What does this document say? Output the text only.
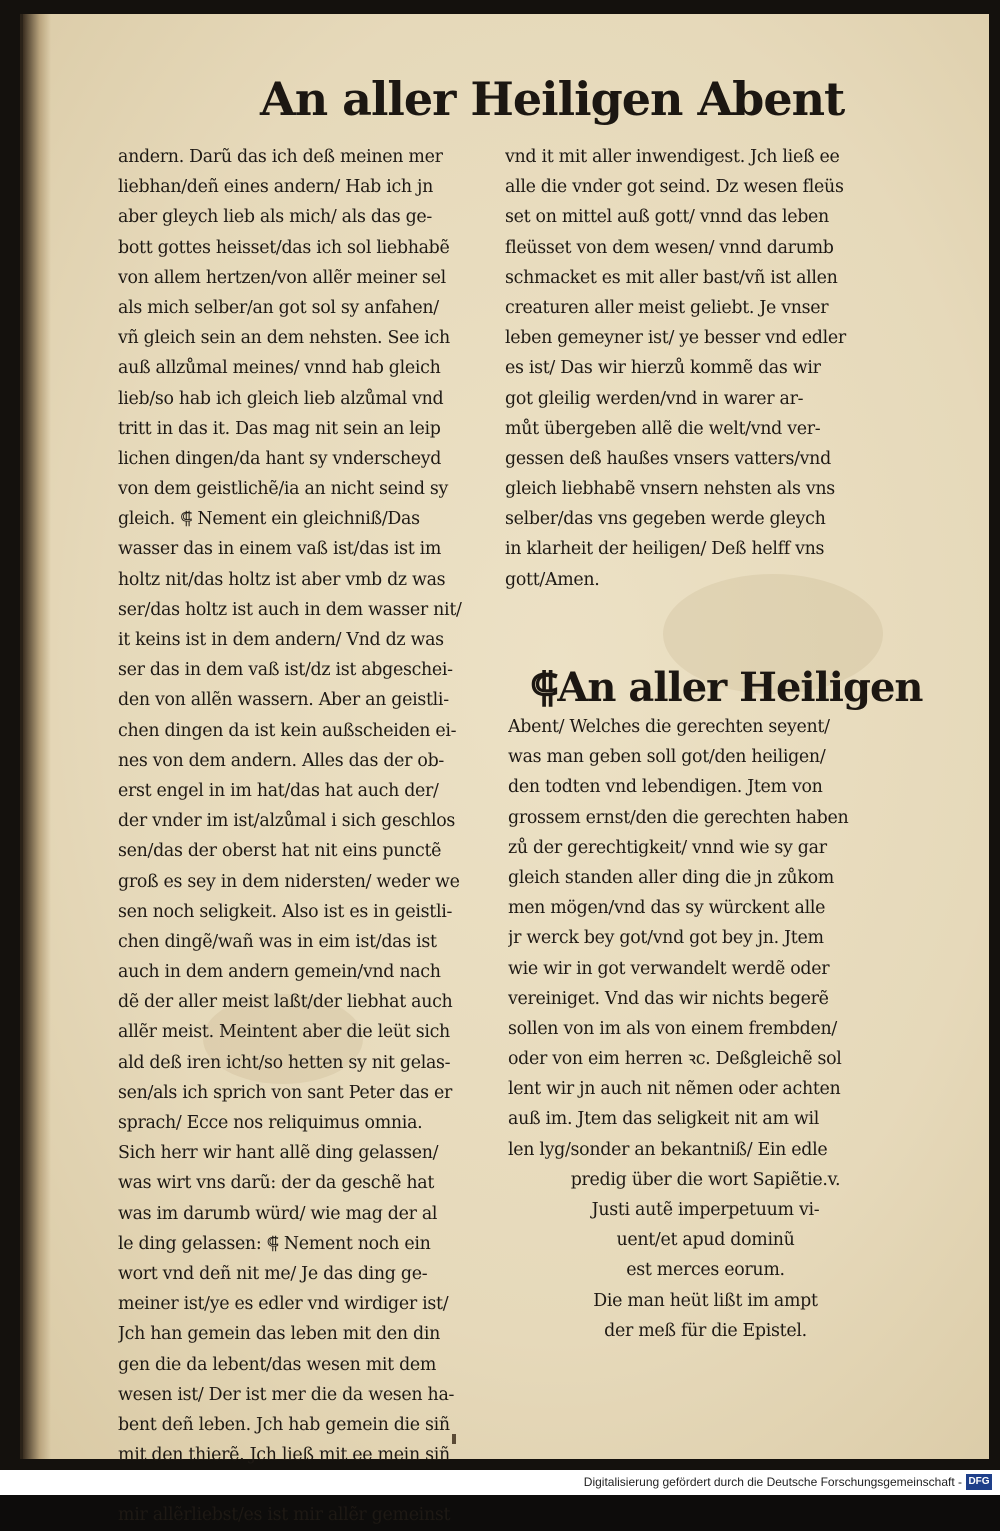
An aller Heiligen Abent
andern. Darũ das ich deß meinen mer
liebhan/deñ eines andern/ Hab ich jn
aber gleych lieb als mich/ als das ge-
bott gottes heisset/das ich sol liebhabẽ
von allem hertzen/von allẽr meiner sel
als mich selber/an got sol sy anfahen/
vñ gleich sein an dem nehsten. See ich
auß allzůmal meines/ vnnd hab gleich
lieb/so hab ich gleich lieb alzůmal vnd
tritt in das it. Das mag nit sein an leip
lichen dingen/da hant sy vnderscheyd
von dem geistlichẽ/ia an nicht seind sy
gleich. ⸿ Nement ein gleichniß/Das
wasser das in einem vaß ist/das ist im
holtz nit/das holtz ist aber vmb dz was
ser/das holtz ist auch in dem wasser nit/
it keins ist in dem andern/ Vnd dz was
ser das in dem vaß ist/dz ist abgeschei-
den von allẽn wassern. Aber an geistli-
chen dingen da ist kein außscheiden ei-
nes von dem andern. Alles das der ob-
erst engel in im hat/das hat auch der/
der vnder im ist/alzůmal i sich geschlos
sen/das der oberst hat nit eins punctẽ
groß es sey in dem nidersten/ weder we
sen noch seligkeit. Also ist es in geistli-
chen dingẽ/wañ was in eim ist/das ist
auch in dem andern gemein/vnd nach
dẽ der aller meist laßt/der liebhat auch
allẽr meist. Meintent aber die leüt sich
ald deß iren icht/so hetten sy nit gelas-
sen/als ich sprich von sant Peter das er
sprach/ Ecce nos reliquimus omnia.
Sich herr wir hant allẽ ding gelassen/
was wirt vns darũ: der da geschẽ hat
was im darumb würd/ wie mag der al
le ding gelassen: ⸿ Nement noch ein
wort vnd deñ nit me/ Je das ding ge-
meiner ist/ye es edler vnd wirdiger ist/
Jch han gemein das leben mit den din
gen die da lebent/das wesen mit dem
wesen ist/ Der ist mer die da wesen ha-
bent deñ leben. Jch hab gemein die siñ
mit den thierẽ. Jch ließ mit ee mein siñ
mir allẽrliebst/es ist mir allẽr gemeinst
vnd it mit aller inwendigest. Jch ließ ee
alle die vnder got seind. Dz wesen fleüs
set on mittel auß gott/ vnnd das leben
fleüsset von dem wesen/ vnnd darumb
schmacket es mit aller bast/vñ ist allen
creaturen aller meist geliebt. Je vnser
leben gemeyner ist/ ye besser vnd edler
es ist/ Das wir hierzů kommẽ das wir
got gleilig werden/vnd in warer ar-
můt übergeben allẽ die welt/vnd ver-
gessen deß haußes vnsers vatters/vnd
gleich liebhabẽ vnsern nehsten als vns
selber/das vns gegeben werde gleych
in klarheit der heiligen/ Deß helff vns
gott/Amen.
⸿An aller Heiligen
Abent/ Welches die gerechten seyent/
was man geben soll got/den heiligen/
den todten vnd lebendigen. Jtem von
grossem ernst/den die gerechten haben
zů der gerechtigkeit/ vnnd wie sy gar
gleich standen aller ding die jn zůkom
men mögen/vnd das sy würckent alle
jr werck bey got/vnd got bey jn. Jtem
wie wir in got verwandelt werdẽ oder
vereiniget. Vnd das wir nichts begerẽ
sollen von im als von einem frembden/
oder von eim herren ꝛc. Deßgleichẽ sol
lent wir jn auch nit nẽmen oder achten
auß im. Jtem das seligkeit nit am wil
len lyg/sonder an bekantniß/ Ein edle
predig über die wort Sapiẽtie.v.
Justi autẽ imperpetuum vi-
uent/et apud dominũ
est merces eorum.
Die man heüt lißt im ampt
der meß für die Epistel.
Digitalisierung gefördert durch die Deutsche Forschungsgemeinschaft - DFG
